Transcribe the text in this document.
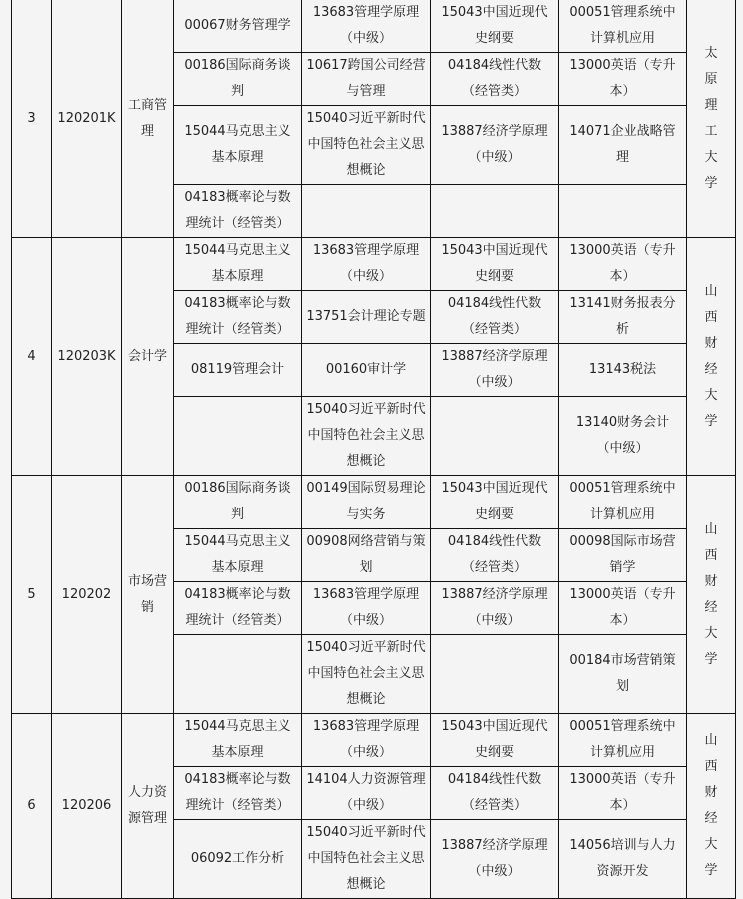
3	120201K	工商管理	00067财务管理学	13683管理学原理（中级）	15043中国近现代史纲要	00051管理系统中计算机应用	太原理工大学
			00186国际商务谈判	10617跨国公司经营与管理	04184线性代数（经管类）	13000英语（专升本）	
			15044马克思主义基本原理	15040习近平新时代中国特色社会主义思想概论	13887经济学原理（中级）	14071企业战略管理	
			04183概率论与数理统计（经管类）				
4	120203K	会计学	15044马克思主义基本原理	13683管理学原理（中级）	15043中国近现代史纲要	13000英语（专升本）	山西财经大学
			04183概率论与数理统计（经管类）	13751会计理论专题	04184线性代数（经管类）	13141财务报表分析	
			08119管理会计	00160审计学	13887经济学原理（中级）	13143税法	
				15040习近平新时代中国特色社会主义思想概论		13140财务会计（中级）	
5	120202	市场营销	00186国际商务谈判	00149国际贸易理论与实务	15043中国近现代史纲要	00051管理系统中计算机应用	山西财经大学
			15044马克思主义基本原理	00908网络营销与策划	04184线性代数（经管类）	00098国际市场营销学	
			04183概率论与数理统计（经管类）	13683管理学原理（中级）	13887经济学原理（中级）	13000英语（专升本）	
				15040习近平新时代中国特色社会主义思想概论		00184市场营销策划	
6	120206	人力资源管理	15044马克思主义基本原理	13683管理学原理（中级）	15043中国近现代史纲要	00051管理系统中计算机应用	山西财经大学
			04183概率论与数理统计（经管类）	14104人力资源管理（中级）	04184线性代数（经管类）	13000英语（专升本）	
			06092工作分析	15040习近平新时代中国特色社会主义思想概论	13887经济学原理（中级）	14056培训与人力资源开发	
